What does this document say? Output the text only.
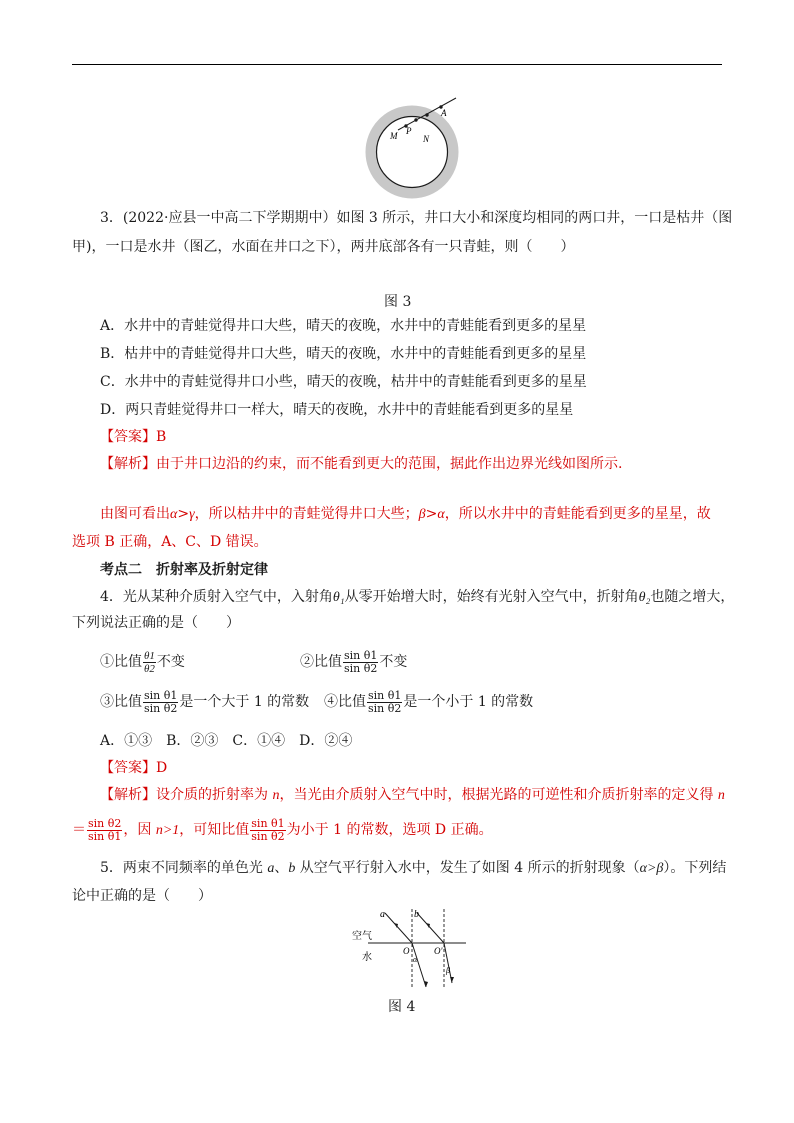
A
P
M	N
3．(2022·应县一中高二下学期期中）如图 3 所示，井口大小和深度均相同的两口井，一口是枯井（图
甲)，一口是水井（图乙，水面在井口之下），两井底部各有一只青蛙，则（　　）
图 3
A．水井中的青蛙觉得井口大些，晴天的夜晚，水井中的青蛙能看到更多的星星
B．枯井中的青蛙觉得井口大些，晴天的夜晚，水井中的青蛙能看到更多的星星
C．水井中的青蛙觉得井口小些，晴天的夜晚，枯井中的青蛙能看到更多的星星
D．两只青蛙觉得井口一样大，晴天的夜晚，水井中的青蛙能看到更多的星星
【答案】B
【解析】由于井口边沿的约束，而不能看到更大的范围，据此作出边界光线如图所示.
由图可看出α>γ，所以枯井中的青蛙觉得井口大些；β>α，所以水井中的青蛙能看到更多的星星，故
选项 B 正确，A、C、D 错误。
考点二　折射率及折射定律
4．光从某种介质射入空气中，入射角θ₁从零开始增大时，始终有光射入空气中，折射角θ₂也随之增大，
下列说法正确的是（　　）
①比值 $\frac{\theta 1}{\theta 2}$ 不变	②比值 $\frac{\text{sin θ1}}{\text{sin θ2}}$ 不变
③比值 $\frac{\text{sin θ1}}{\text{sin θ2}}$ 是一个大于 1 的常数	④比值 $\frac{\text{sin θ1}}{\text{sin θ2}}$ 是一个小于 1 的常数
A．①③　B．②③　C．①④　D．②④
【答案】D
【解析】设介质的折射率为 n，当光由介质射入空气中时，根据光路的可逆性和介质折射率的定义得 n
＝ $\frac{\text{sin θ2}}{\text{sin θ1}}$ ，因 n>1，可知比值 $\frac{\text{sin θ1}}{\text{sin θ2}}$ 为小于 1 的常数，选项 D 正确。
5．两束不同频率的单色光 a、b 从空气平行射入水中，发生了如图 4 所示的折射现象（α>β）。下列结
论中正确的是（　　）
空气
水
a	b
O	O'
α
β
图 4
